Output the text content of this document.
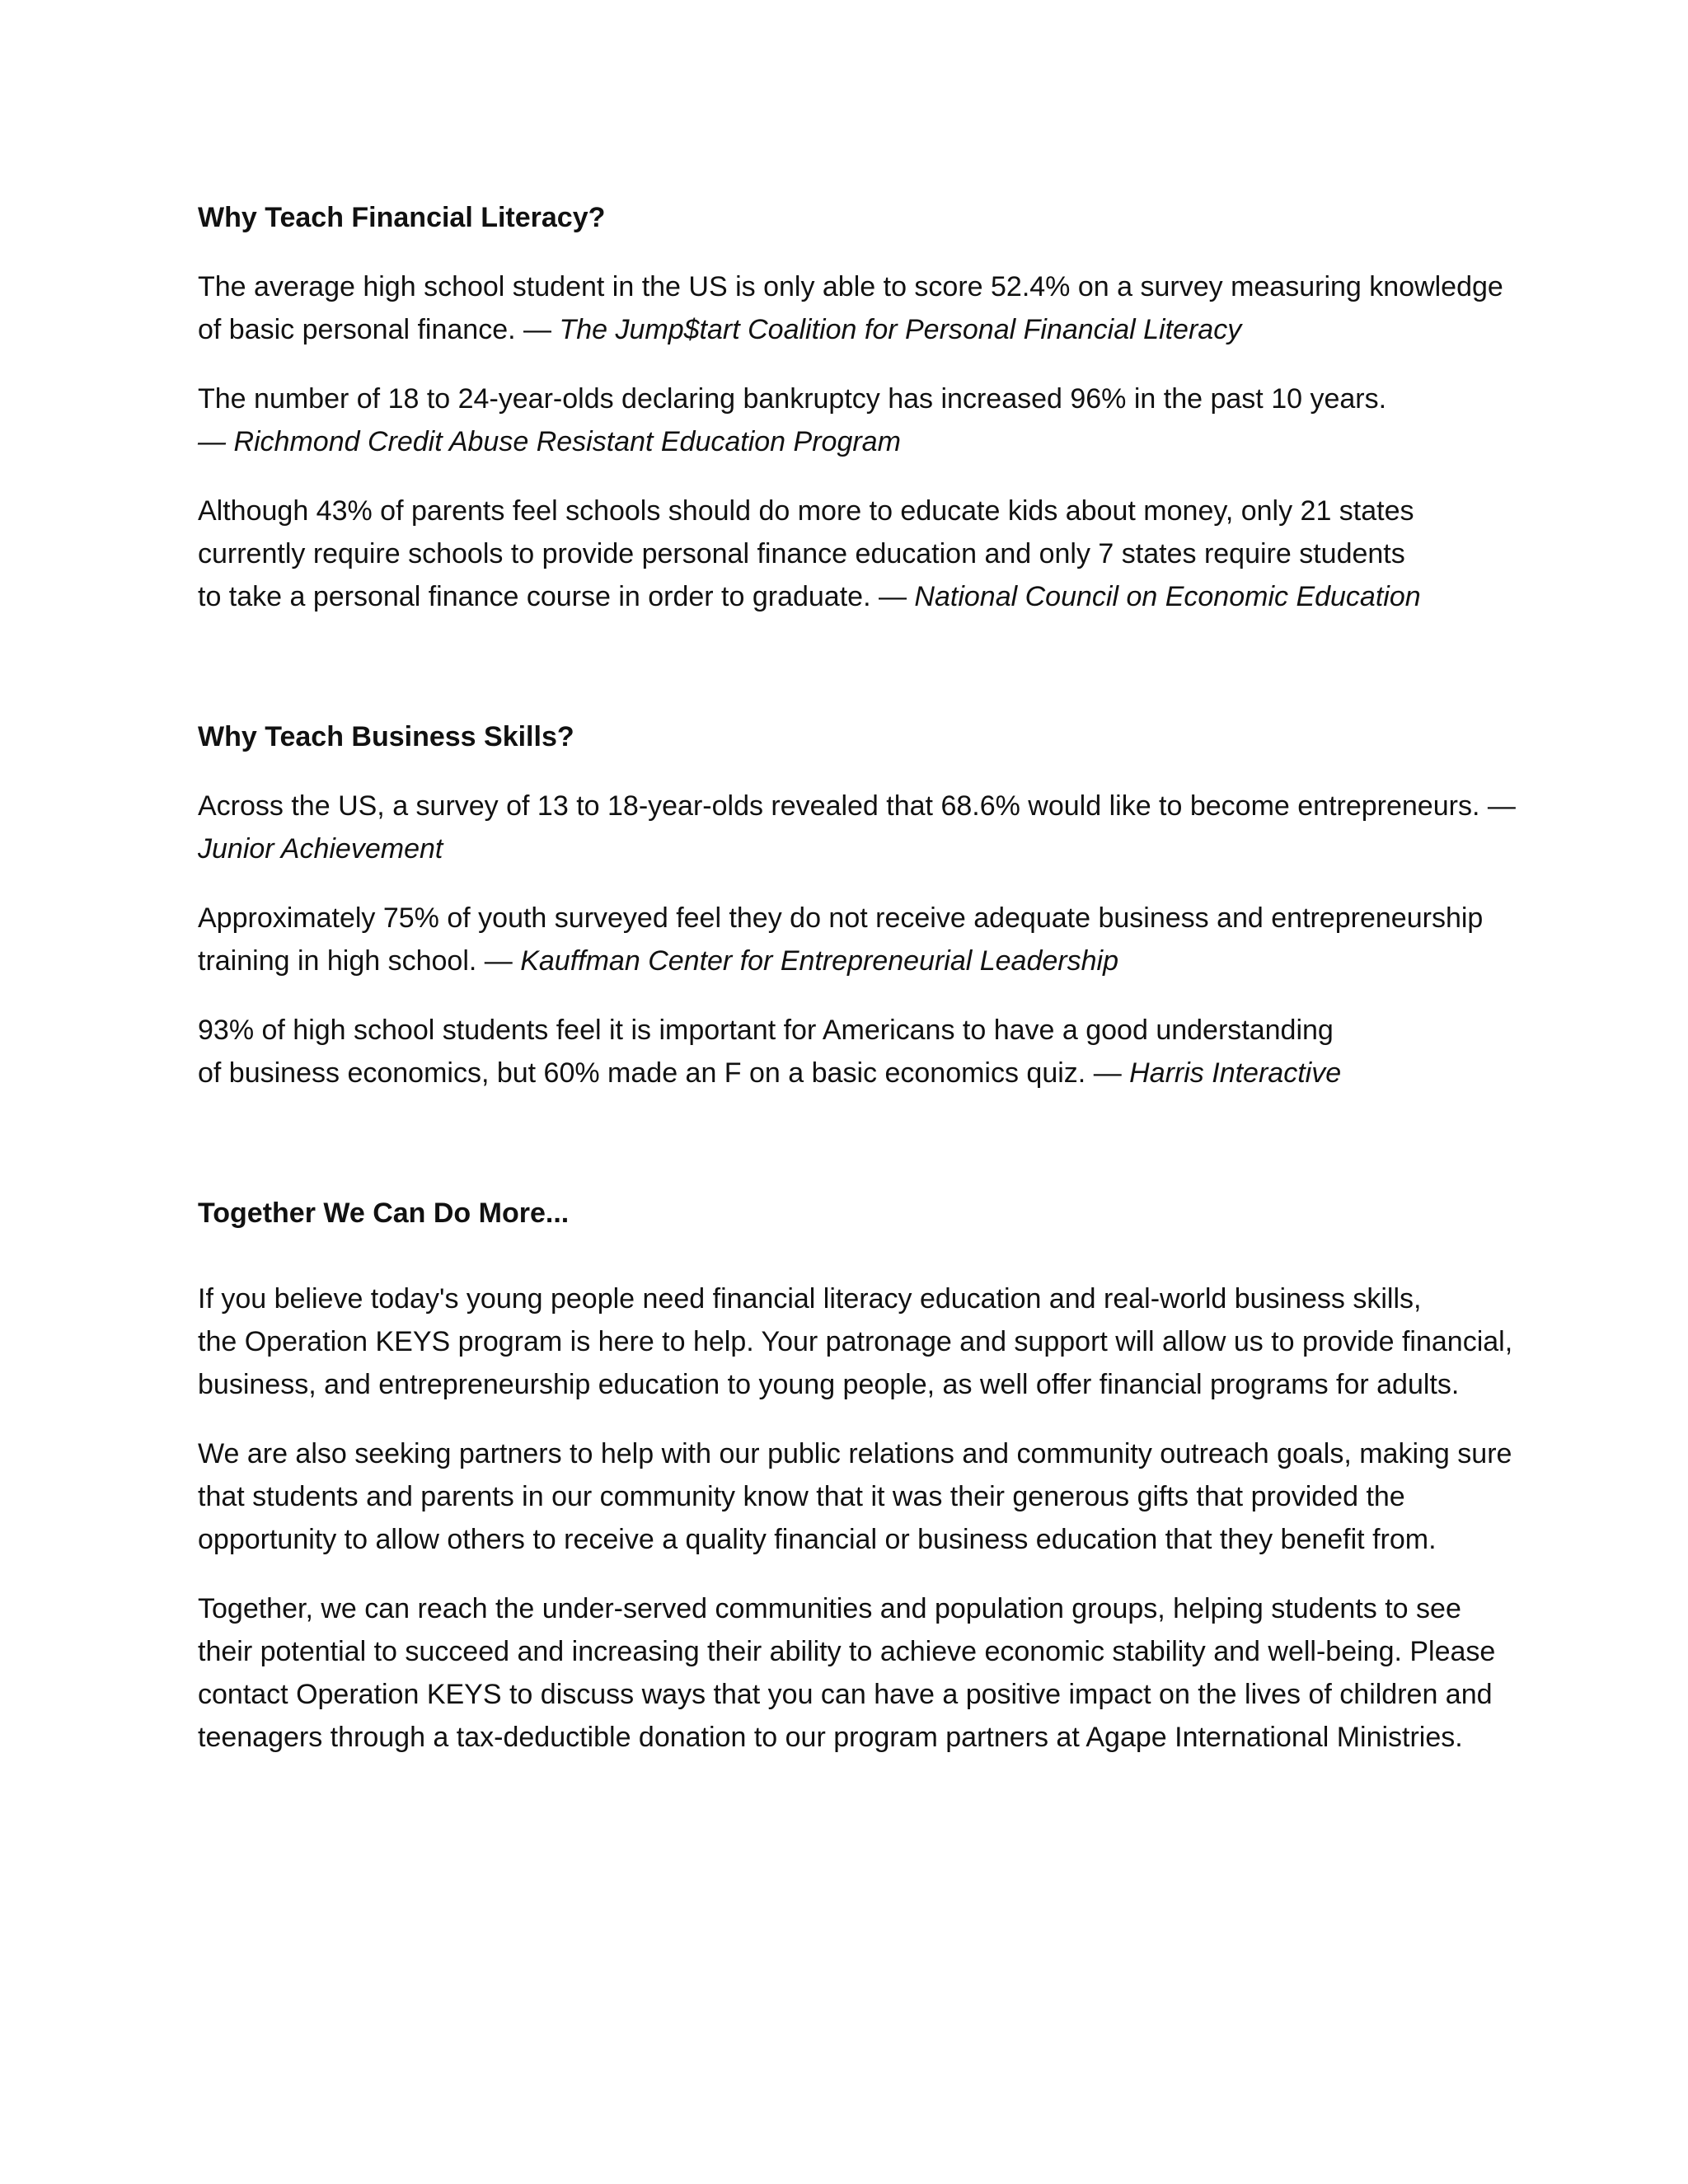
Why Teach Financial Literacy?

The average high school student in the US is only able to score 52.4% on a survey measuring knowledge
of basic personal finance. — The Jump$tart Coalition for Personal Financial Literacy

The number of 18 to 24-year-olds declaring bankruptcy has increased 96% in the past 10 years.
— Richmond Credit Abuse Resistant Education Program

Although 43% of parents feel schools should do more to educate kids about money, only 21 states
currently require schools to provide personal finance education and only 7 states require students
to take a personal finance course in order to graduate. — National Council on Economic Education

Why Teach Business Skills?

Across the US, a survey of 13 to 18-year-olds revealed that 68.6% would like to become entrepreneurs. —
Junior Achievement

Approximately 75% of youth surveyed feel they do not receive adequate business and entrepreneurship
training in high school. — Kauffman Center for Entrepreneurial Leadership

93% of high school students feel it is important for Americans to have a good understanding
of business economics, but 60% made an F on a basic economics quiz. — Harris Interactive

Together We Can Do More...

If you believe today's young people need financial literacy education and real-world business skills,
the Operation KEYS program is here to help. Your patronage and support will allow us to provide financial,
business, and entrepreneurship education to young people, as well offer financial programs for adults.

We are also seeking partners to help with our public relations and community outreach goals, making sure
that students and parents in our community know that it was their generous gifts that provided the
opportunity to allow others to receive a quality financial or business education that they benefit from.

Together, we can reach the under-served communities and population groups, helping students to see
their potential to succeed and increasing their ability to achieve economic stability and well-being. Please
contact Operation KEYS to discuss ways that you can have a positive impact on the lives of children and
teenagers through a tax-deductible donation to our program partners at Agape International Ministries.
